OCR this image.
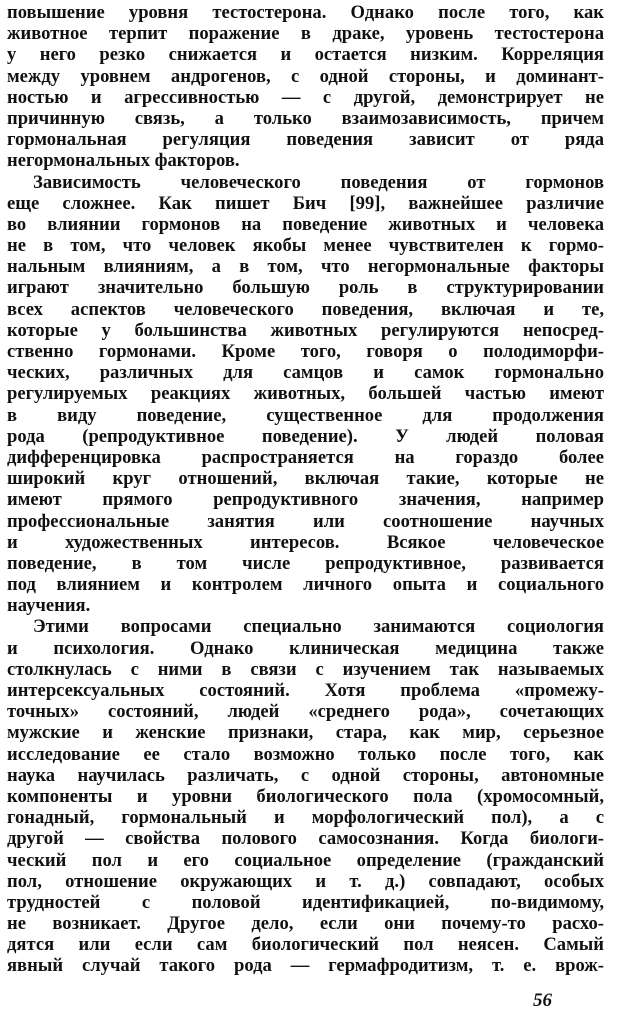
повышение уровня тестостерона. Однако после того, как
животное терпит поражение в драке, уровень тестостерона
у него резко снижается и остается низким. Корреляция
между уровнем андрогенов, с одной стороны, и доминант-
ностью и агрессивностью — с другой, демонстрирует не
причинную связь, а только взаимозависимость, причем
гормональная регуляция поведения зависит от ряда
негормональных факторов.
Зависимость человеческого поведения от гормонов
еще сложнее. Как пишет Бич [99], важнейшее различие
во влиянии гормонов на поведение животных и человека
не в том, что человек якобы менее чувствителен к гормо-
нальным влияниям, а в том, что негормональные факторы
играют значительно большую роль в структурировании
всех аспектов человеческого поведения, включая и те,
которые у большинства животных регулируются непосред-
ственно гормонами. Кроме того, говоря о полодиморфи-
ческих, различных для самцов и самок гормонально
регулируемых реакциях животных, большей частью имеют
в виду поведение, существенное для продолжения
рода (репродуктивное поведение). У людей половая
дифференцировка распространяется на гораздо более
широкий круг отношений, включая такие, которые не
имеют прямого репродуктивного значения, например
профессиональные занятия или соотношение научных
и художественных интересов. Всякое человеческое
поведение, в том числе репродуктивное, развивается
под влиянием и контролем личного опыта и социального
научения.
Этими вопросами специально занимаются социология
и психология. Однако клиническая медицина также
столкнулась с ними в связи с изучением так называемых
интерсексуальных состояний. Хотя проблема «промежу-
точных» состояний, людей «среднего рода», сочетающих
мужские и женские признаки, стара, как мир, серьезное
исследование ее стало возможно только после того, как
наука научилась различать, с одной стороны, автономные
компоненты и уровни биологического пола (хромосомный,
гонадный, гормональный и морфологический пол), а с
другой — свойства полового самосознания. Когда биологи-
ческий пол и его социальное определение (гражданский
пол, отношение окружающих и т. д.) совпадают, особых
трудностей с половой идентификацией, по-видимому,
не возникает. Другое дело, если они почему-то расхо-
дятся или если сам биологический пол неясен. Самый
явный случай такого рода — гермафродитизм, т. е. врож-
56
